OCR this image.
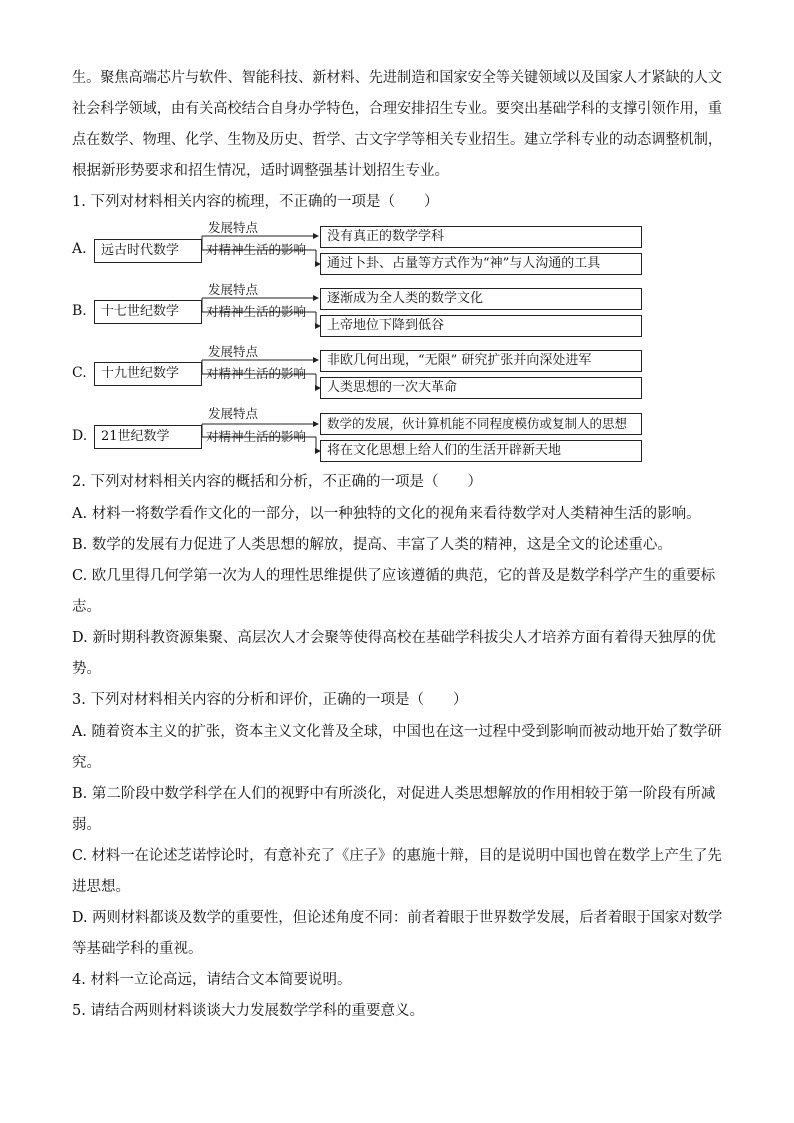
生。聚焦高端芯片与软件、智能科技、新材料、先进制造和国家安全等关键领域以及国家人才紧缺的人文
社会科学领域，由有关高校结合自身办学特色，合理安排招生专业。要突出基础学科的支撑引领作用，重
点在数学、物理、化学、生物及历史、哲学、古文字学等相关专业招生。建立学科专业的动态调整机制，
根据新形势要求和招生情况，适时调整强基计划招生专业。
1. 下列对材料相关内容的梳理，不正确的一项是（　　）
A.	远古时代数学
发展特点
对精神生活的影响
没有真正的数学学科
通过卜卦、占量等方式作为“神”与人沟通的工具
B.	十七世纪数学
发展特点
对精神生活的影响
逐渐成为全人类的数学文化
上帝地位下降到低谷
C.	十九世纪数学
发展特点
对精神生活的影响
非欧几何出现，“无限” 研究扩张并向深处进军
人类思想的一次大革命
D.	21世纪数学
发展特点
对精神生活的影响
数学的发展，伙计算机能不同程度模仿或复制人的思想
将在文化思想上给人们的生活开辟新天地
2. 下列对材料相关内容的概括和分析，不正确的一项是（　　）
A. 材料一将数学看作文化的一部分，以一种独特的文化的视角来看待数学对人类精神生活的影响。
B. 数学的发展有力促进了人类思想的解放，提高、丰富了人类的精神，这是全文的论述重心。
C. 欧几里得几何学第一次为人的理性思维提供了应该遵循的典范，它的普及是数学科学产生的重要标
志。
D. 新时期科教资源集聚、高层次人才会聚等使得高校在基础学科拔尖人才培养方面有着得天独厚的优
势。
3. 下列对材料相关内容的分析和评价，正确的一项是（　　）
A. 随着资本主义的扩张，资本主义文化普及全球，中国也在这一过程中受到影响而被动地开始了数学研
究。
B. 第二阶段中数学科学在人们的视野中有所淡化，对促进人类思想解放的作用相较于第一阶段有所减
弱。
C. 材料一在论述芝诺悖论时，有意补充了《庄子》的惠施十辩，目的是说明中国也曾在数学上产生了先
进思想。
D. 两则材料都谈及数学的重要性，但论述角度不同：前者着眼于世界数学发展，后者着眼于国家对数学
等基础学科的重视。
4. 材料一立论高远，请结合文本简要说明。
5. 请结合两则材料谈谈大力发展数学学科的重要意义。
